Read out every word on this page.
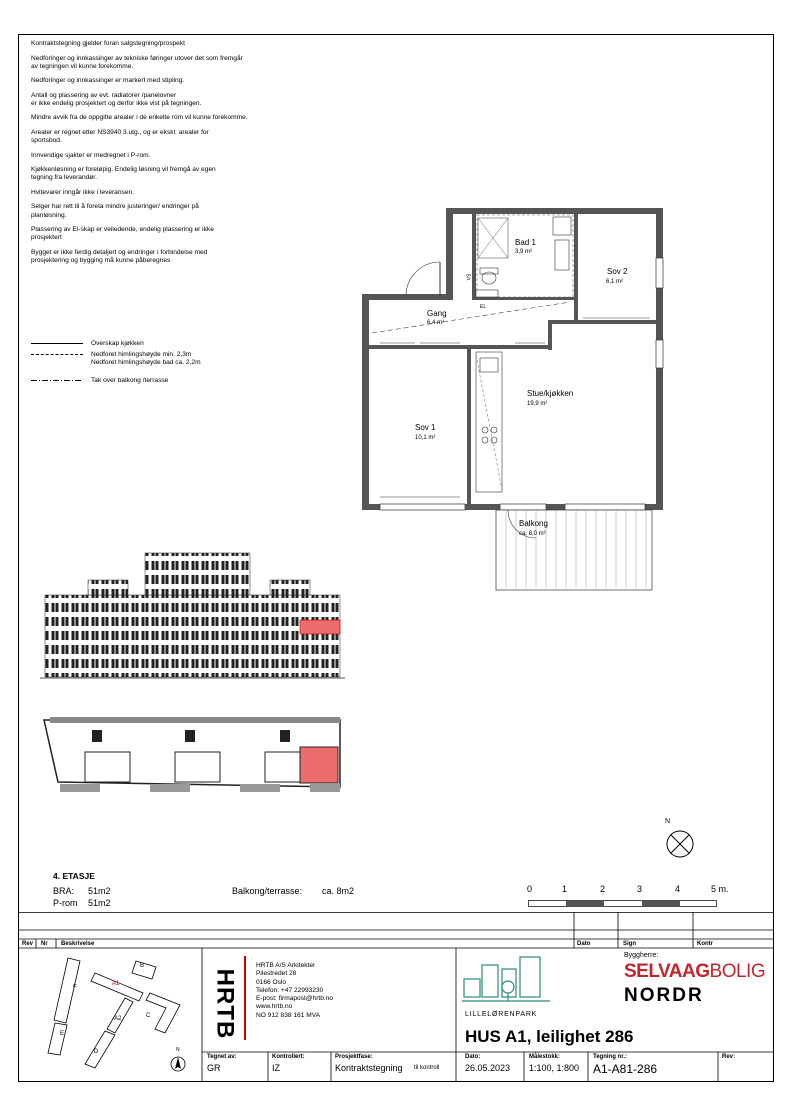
Kontraktstegning gjelder foran salgstegning/prospekt

Nedforinger og innkassinger av tekniske føringer utover det som fremgår
av tegningen vil kunne forekomme.

Nedforinger og innkassinger er markert med stipling.

Antall og plassering av evt. radiatorer /panelovner
er ikke endelig prosjektert og derfor ikke vist på tegningen.

Mindre avvik fra de oppgitte arealer i de enkelte rom vil kunne forekomme.

Arealer er regnet etter NS3940 3.utg., og er ekskl. arealer for
sportsbod.

Innvendige sjakter er medregnet i P-rom.

Kjøkkenløsning er foreløpig. Endelig løsning vil fremgå av egen
tegning fra leverandør.

Hvitevarer inngår ikke i leveransen.

Selger har rett til å foreta mindre justeringer/ endringer på
planløsning.

Plassering av El-skap er veiledende, endelig plassering er ikke
prosjektert

Bygget er ikke ferdig detaljert og endringer i forbindelse med
prosjektering og bygging må kunne påberegnes

Overskap kjøkken
Nedforet himlingshøyde min. 2,3m
Nedforet himlingshøyde bad ca. 2,2m
Tak over balkong /terrasse
Bad 1
3,9 m²
VS
EL
Sov 2
6,1 m²
Gang
6,4 m²
Stue/kjøkken
19,9 m²
Sov 1
10,1 m²
Balkong
ca. 8,0 m²
N
4. ETASJE
BRA: 51m2
P-rom 51m2
Balkong/terrasse: ca. 8m2	0	1	2	3	4	5 m.
Rev Nr Beskrivelse	Dato	Sign	Kontr
B
A1
F
A2	C
E
D	N
HRTB
HRTB A/S Arkitekter
Pilestredet 28
0166 Oslo
Telefon: +47 22993230
E-post: firmapost@hrtb.no
www.hrtb.no
NO 912 838 161 MVA	LILLELØRENPARK
Byggherre:
SELVAAGBOLIG
NORDR
HUS A1, leilighet 286
Tegnet av:
GR
Kontrollert:
IZ
Prosjektfase:
Kontraktstegning til kontroll
Dato:
26.05.2023
Målestokk:
1:100, 1:800
Tegning nr.:
A1-A81-286
Rev:
